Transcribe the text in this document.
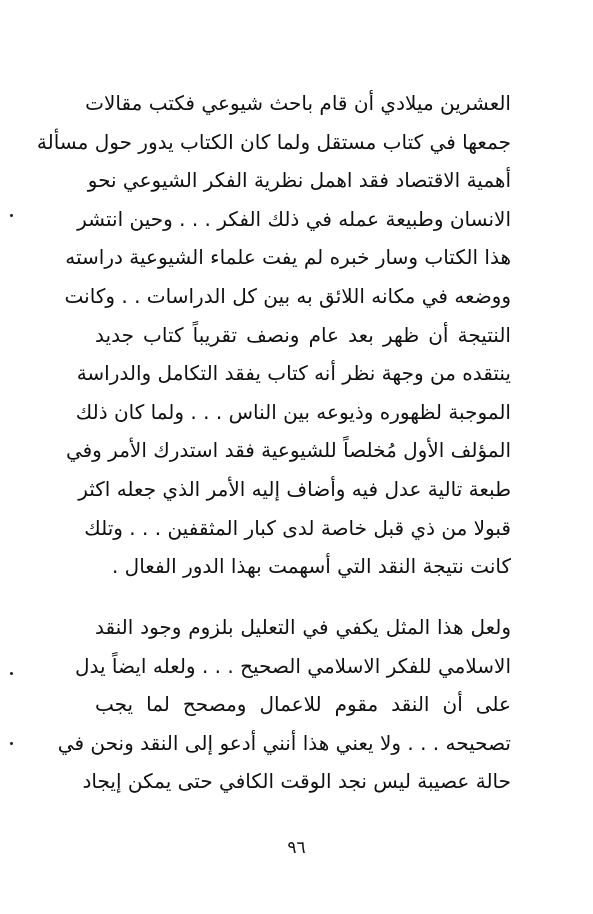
العشرين ميلادي أن قام باحث شيوعي فكتب مقالات
جمعها في كتاب مستقل ولما كان الكتاب يدور حول مسألة
أهمية الاقتصاد فقد اهمل نظرية الفكر الشيوعي نحو
الانسان وطبيعة عمله في ذلك الفكر . . . وحين انتشر
هذا الكتاب وسار خبره لم يفت علماء الشيوعية دراسته
ووضعه في مكانه اللائق به بين كل الدراسات . . وكانت
النتيجة أن ظهر بعد عام ونصف تقريباً كتاب جديد
ينتقده من وجهة نظر أنه كتاب يفقد التكامل والدراسة
الموجبة لظهوره وذيوعه بين الناس . . . ولما كان ذلك
المؤلف الأول مُخلصاً للشيوعية فقد استدرك الأمر وفي
طبعة تالية عدل فيه وأضاف إليه الأمر الذي جعله اكثر
قبولا من ذي قبل خاصة لدى كبار المثقفين . . . وتلك
كانت نتيجة النقد التي أسهمت بهذا الدور الفعال .
ولعل هذا المثل يكفي في التعليل بلزوم وجود النقد
الاسلامي للفكر الاسلامي الصحيح . . . ولعله ايضاً يدل
على أن النقد مقوم للاعمال ومصحح لما يجب
تصحيحه . . . ولا يعني هذا أنني أدعو إلى النقد ونحن في
حالة عصيبة ليس نجد الوقت الكافي حتى يمكن إيجاد
٩٦
